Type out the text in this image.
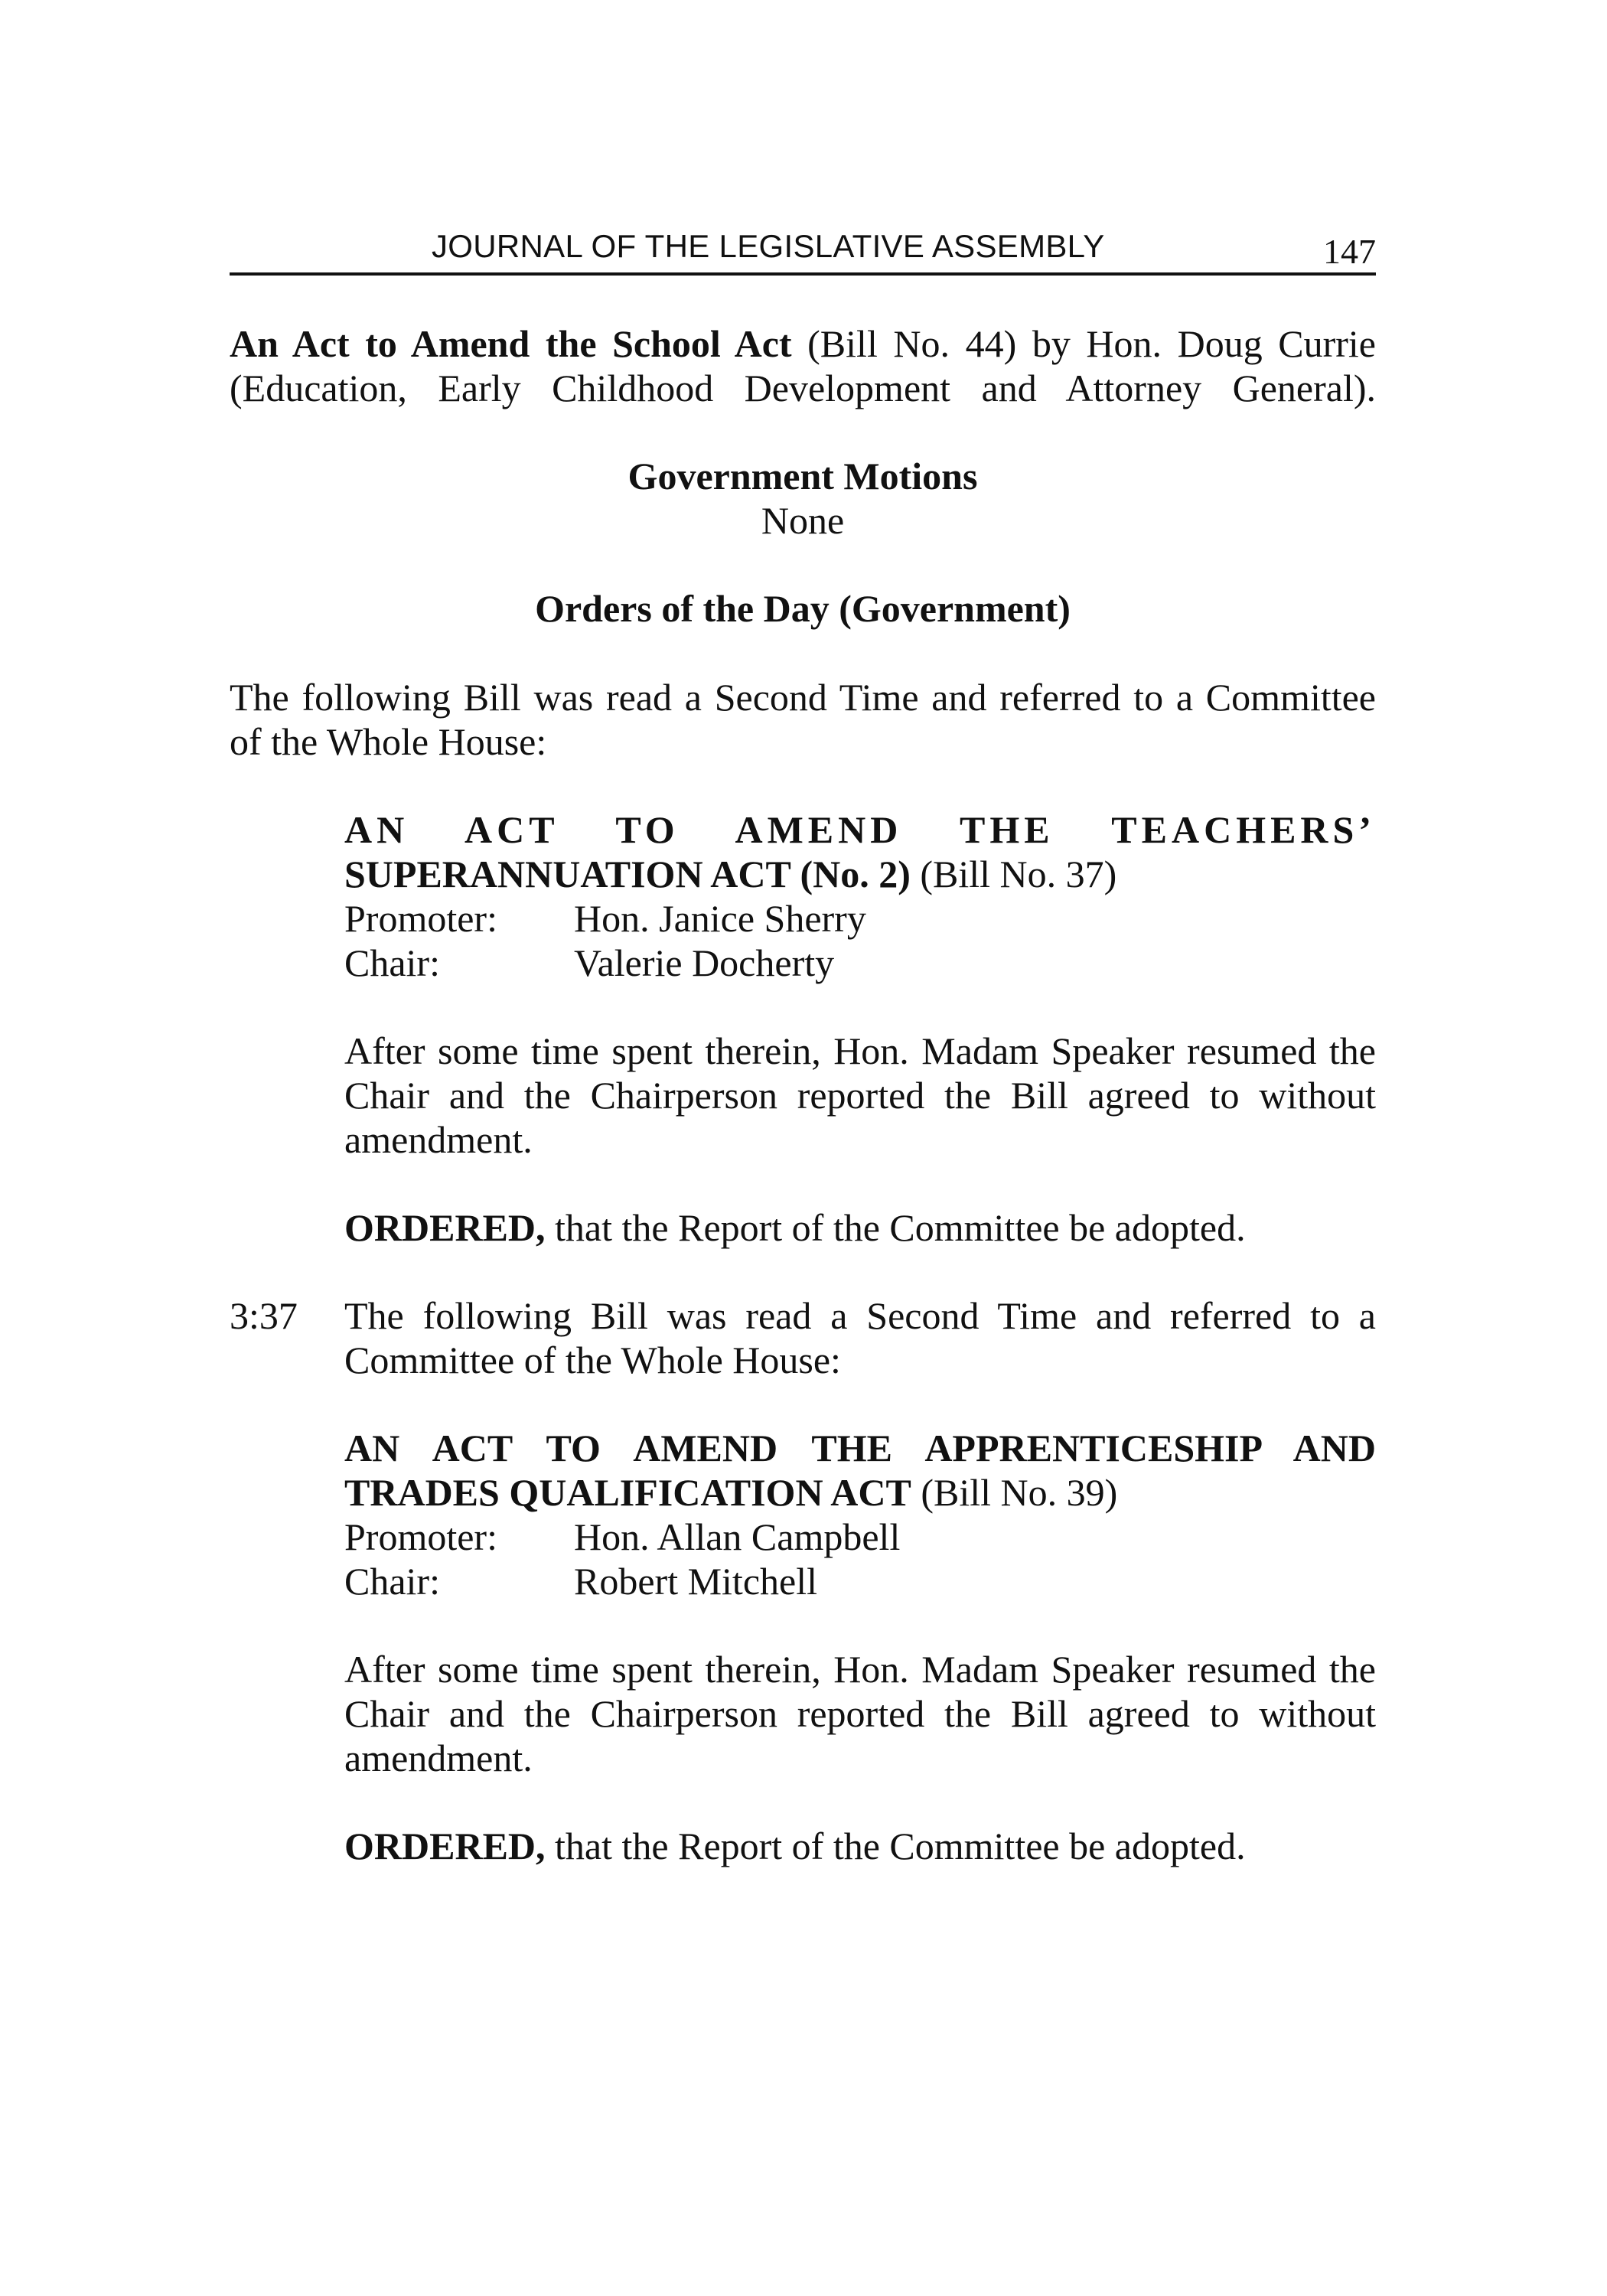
JOURNAL OF THE LEGISLATIVE ASSEMBLY	147
An Act to Amend the School Act (Bill No. 44) by Hon. Doug Currie
(Education, Early Childhood Development and Attorney General).
Government Motions
None
Orders of the Day (Government)
The following Bill was read a Second Time and referred to a Committee
of the Whole House:
AN ACT TO AMEND THE TEACHERS’
SUPERANNUATION ACT (No. 2) (Bill No. 37)
Promoter: Hon. Janice Sherry
Chair:	Valerie Docherty
After some time spent therein, Hon. Madam Speaker resumed the
Chair and the Chairperson reported the Bill agreed to without
amendment.
ORDERED, that the Report of the Committee be adopted.
3:37 The following Bill was read a Second Time and referred to a
Committee of the Whole House:
AN ACT TO AMEND THE APPRENTICESHIP AND
TRADES QUALIFICATION ACT (Bill No. 39)
Promoter: Hon. Allan Campbell
Chair:	Robert Mitchell
After some time spent therein, Hon. Madam Speaker resumed the
Chair and the Chairperson reported the Bill agreed to without
amendment.
ORDERED, that the Report of the Committee be adopted.
